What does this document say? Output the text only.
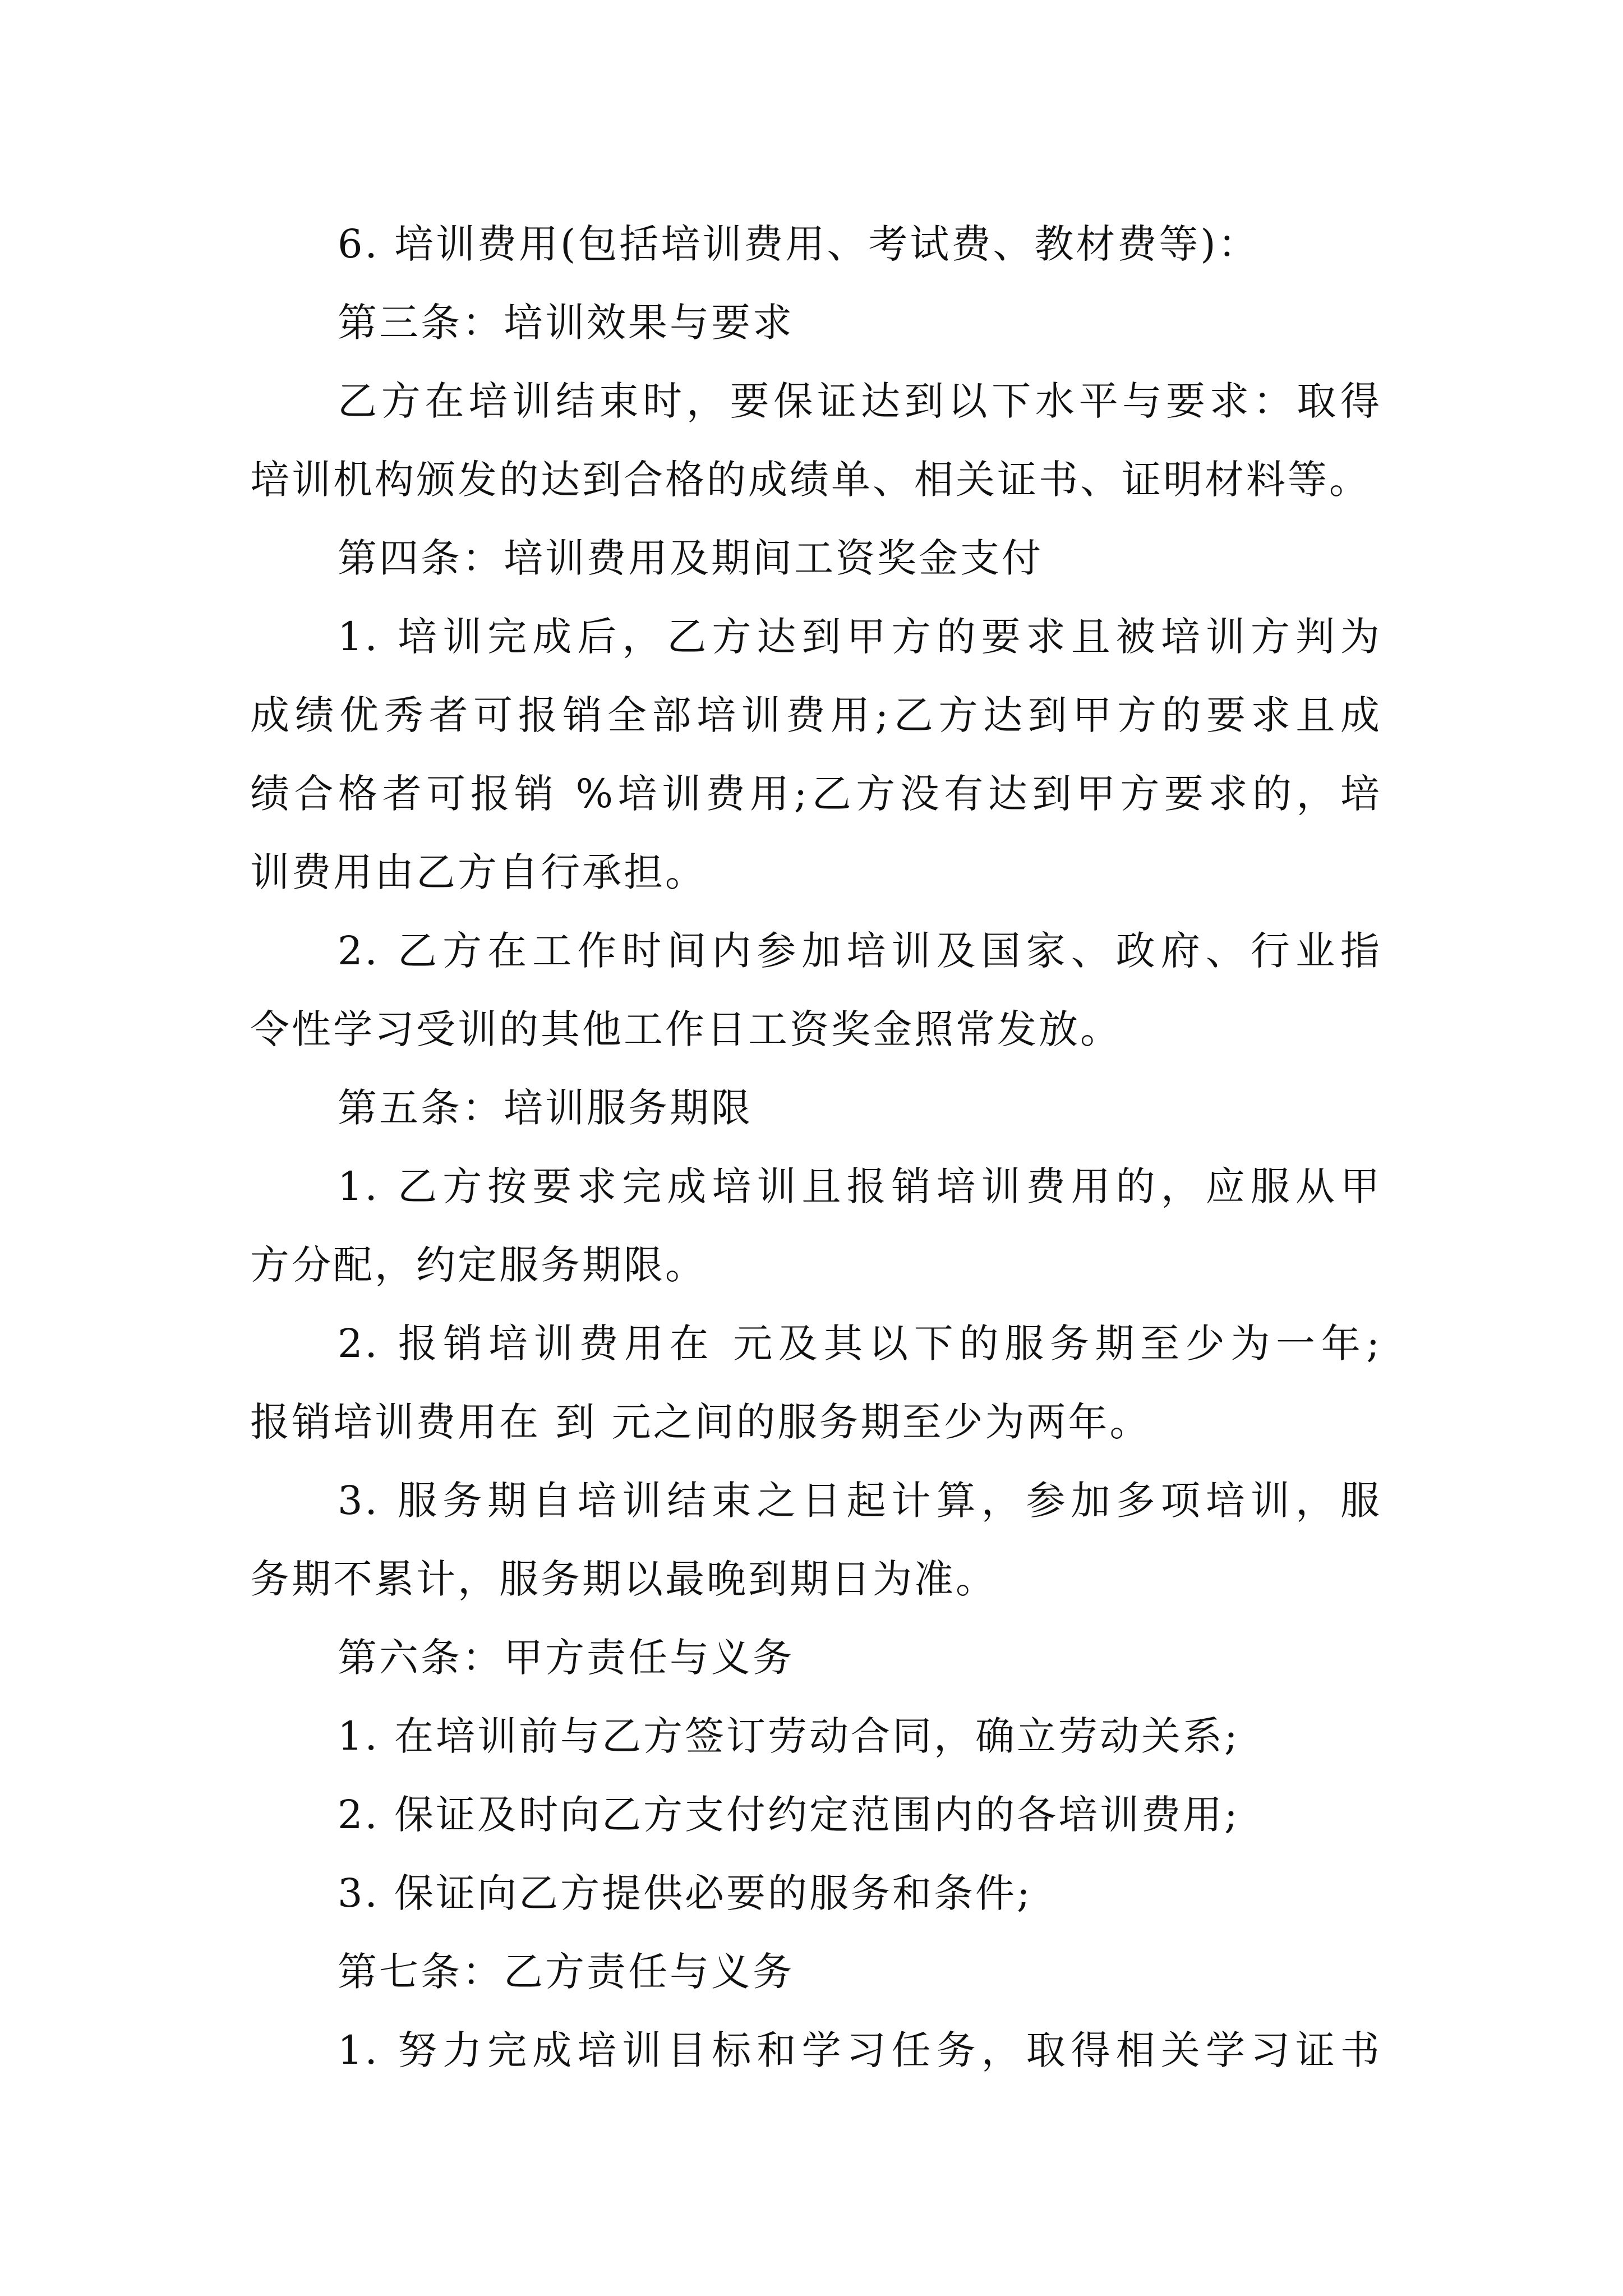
6. 培训费用(包括培训费用、考试费、教材费等)：
第三条：培训效果与要求
乙方在培训结束时，要保证达到以下水平与要求：取得
培训机构颁发的达到合格的成绩单、相关证书、证明材料等。
第四条：培训费用及期间工资奖金支付
1. 培训完成后，乙方达到甲方的要求且被培训方判为
成绩优秀者可报销全部培训费用;乙方达到甲方的要求且成
绩合格者可报销 %培训费用;乙方没有达到甲方要求的，培
训费用由乙方自行承担。
2. 乙方在工作时间内参加培训及国家、政府、行业指
令性学习受训的其他工作日工资奖金照常发放。
第五条：培训服务期限
1. 乙方按要求完成培训且报销培训费用的，应服从甲
方分配，约定服务期限。
2. 报销培训费用在 元及其以下的服务期至少为一年;
报销培训费用在 到 元之间的服务期至少为两年。
3. 服务期自培训结束之日起计算，参加多项培训，服
务期不累计，服务期以最晚到期日为准。
第六条：甲方责任与义务
1. 在培训前与乙方签订劳动合同，确立劳动关系;
2. 保证及时向乙方支付约定范围内的各培训费用;
3. 保证向乙方提供必要的服务和条件;
第七条：乙方责任与义务
1. 努力完成培训目标和学习任务，取得相关学习证书
